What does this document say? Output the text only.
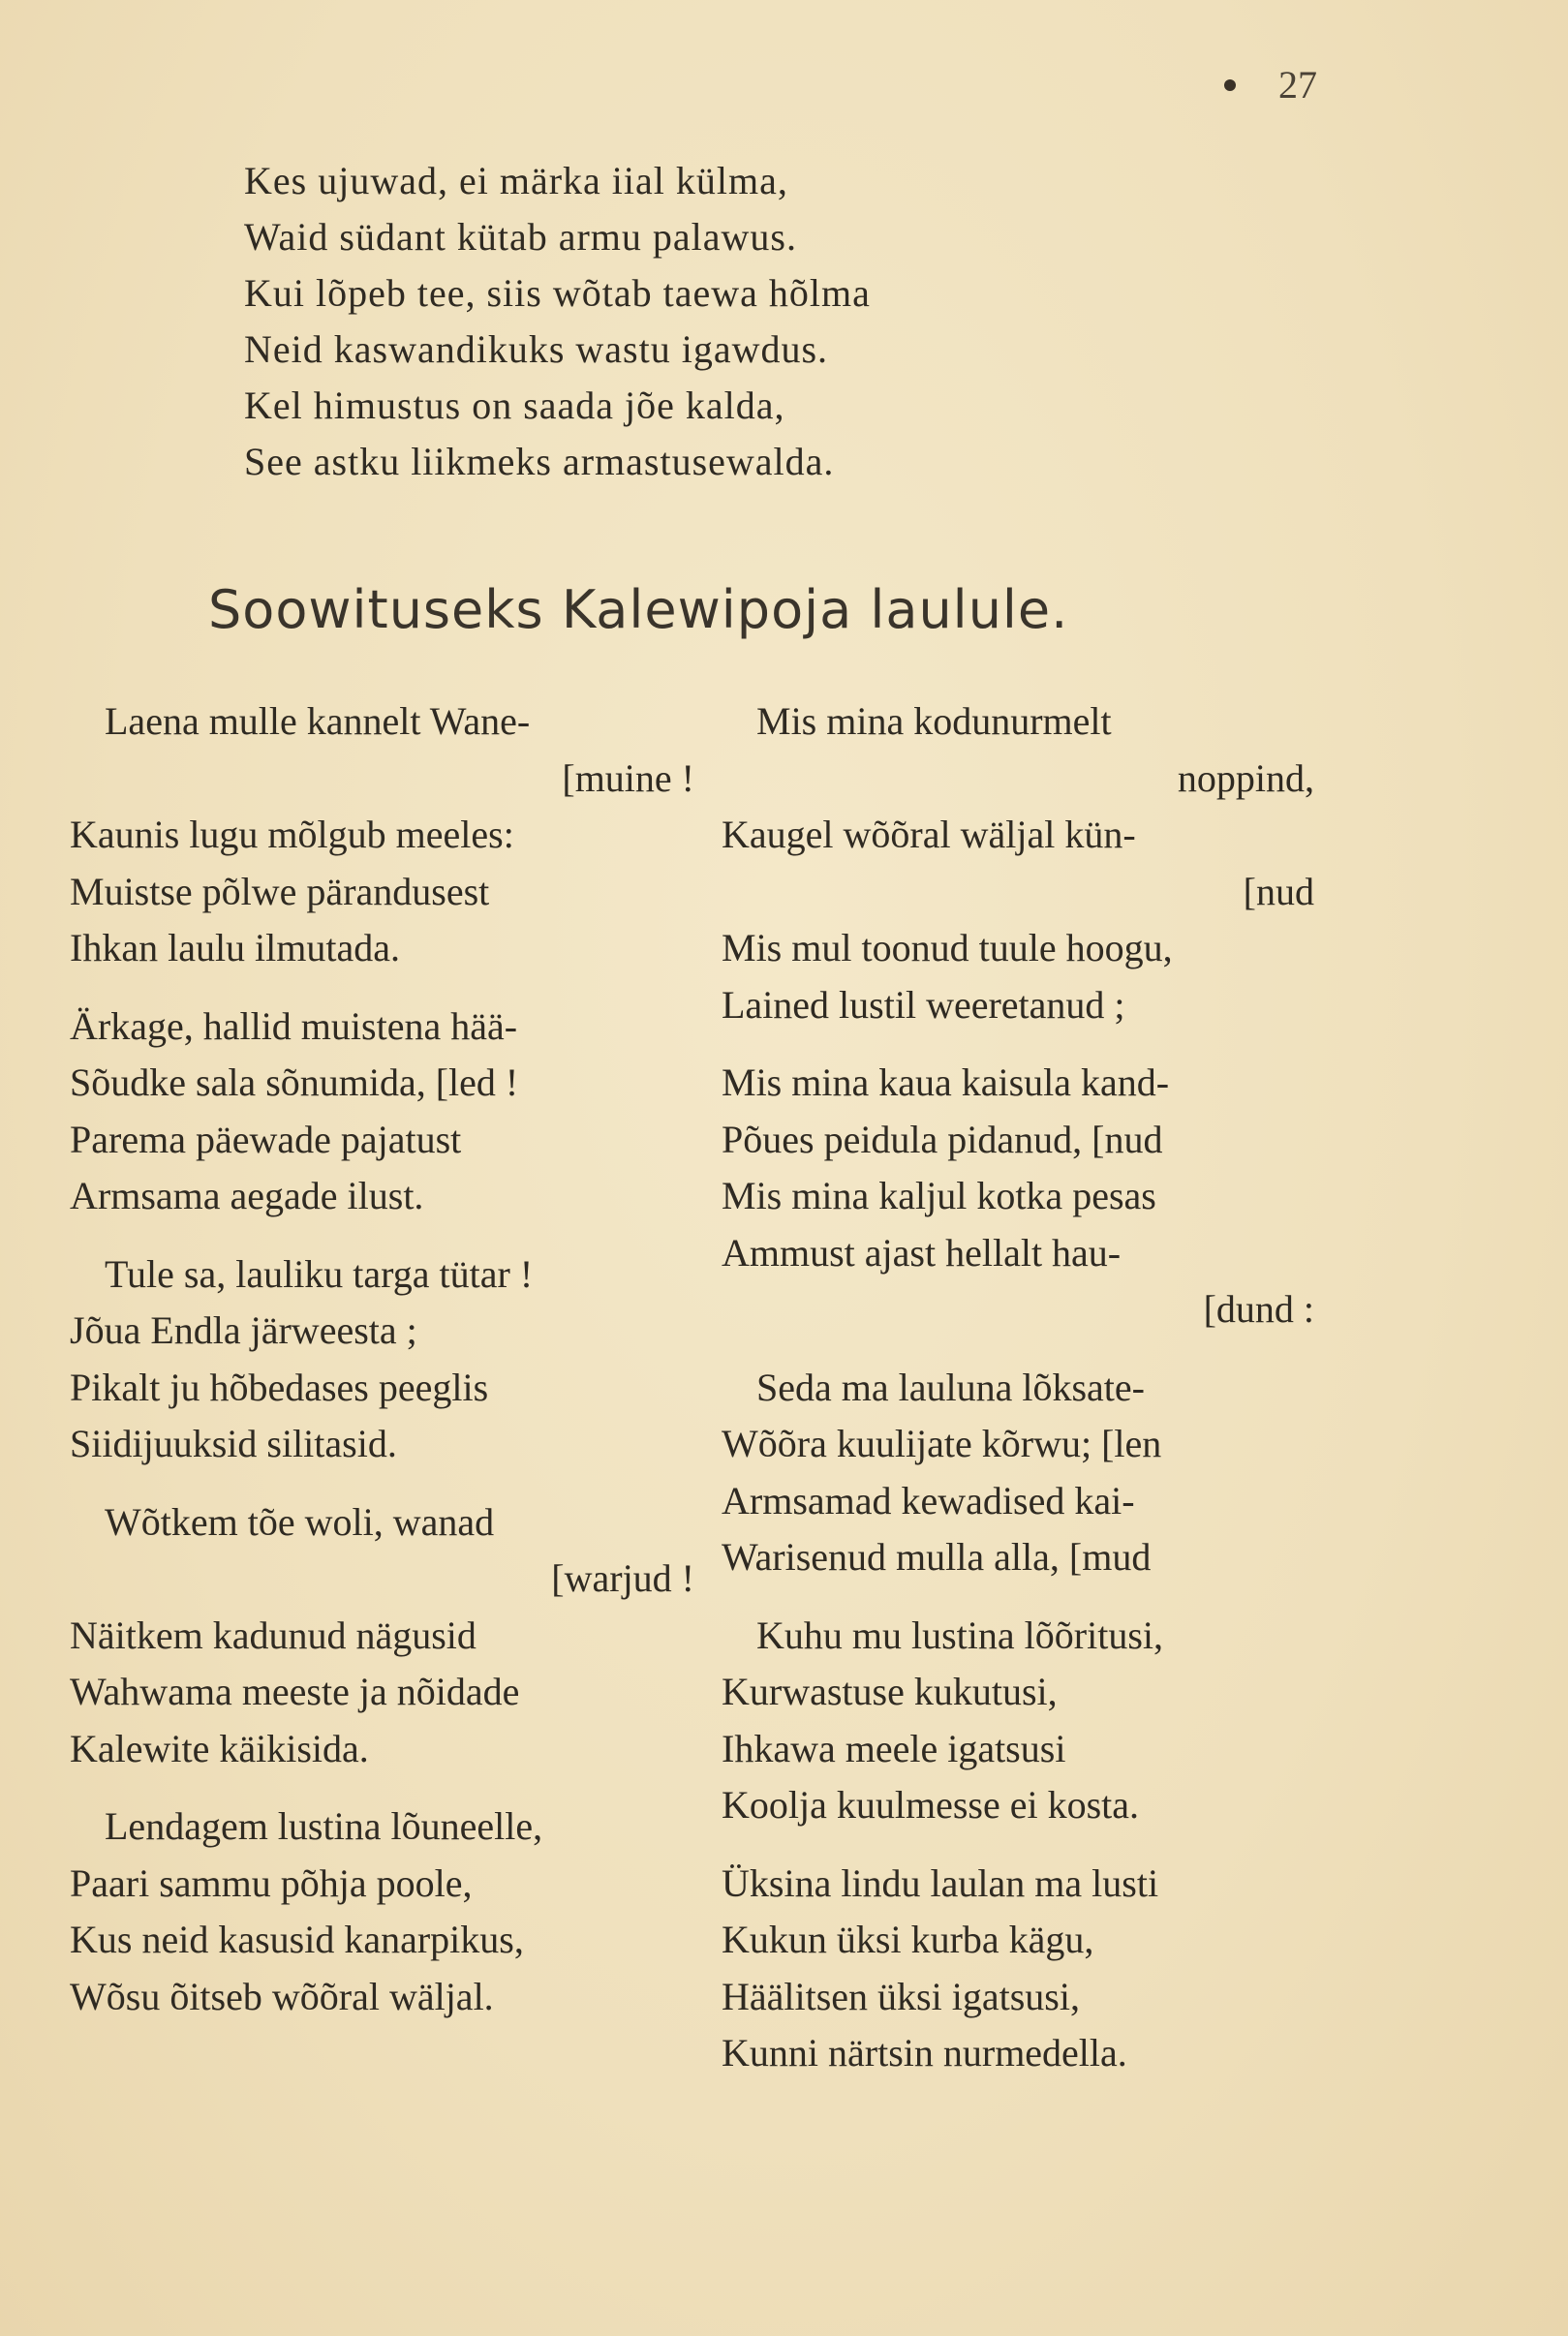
27
Kes ujuwad, ei märka iial külma,
Waid südant kütab armu palawus.
Kui lõpeb tee, siis wõtab taewa hõlma
Neid kaswandikuks wastu igawdus.
Kel himustus on saada jõe kalda,
See astku liikmeks armastusewalda.
Soowituseks Kalewipoja laulule.
Laena mulle kannelt Wane-
[muine !
Kaunis lugu mõlgub meeles:
Muistse põlwe pärandusest
Ihkan laulu ilmutada.
Ärkage, hallid muistena hää-
Sõudke sala sõnumida, [led !
Parema päewade pajatust
Armsama aegade ilust.
Tule sa, lauliku targa tütar !
Jõua Endla järweesta ;
Pikalt ju hõbedases peeglis
Siidijuuksid silitasid.
Wõtkem tõe woli, wanad
[warjud !
Näitkem kadunud nägusid
Wahwama meeste ja nõidade
Kalewite käikisida.
Lendagem lustina lõuneelle,
Paari sammu põhja poole,
Kus neid kasusid kanarpikus,
Wõsu õitseb wõõral wäljal.
Mis mina kodunurmelt
noppind,
Kaugel wõõral wäljal kün-
[nud
Mis mul toonud tuule hoogu,
Lained lustil weeretanud ;
Mis mina kaua kaisula kand-
Põues peidula pidanud, [nud
Mis mina kaljul kotka pesas
Ammust ajast hellalt hau-
[dund :
Seda ma lauluna lõksate-
Wõõra kuulijate kõrwu; [len
Armsamad kewadised kai-
Warisenud mulla alla, [mud
Kuhu mu lustina lõõritusi,
Kurwastuse kukutusi,
Ihkawa meele igatsusi
Koolja kuulmesse ei kosta.
Üksina lindu laulan ma lusti
Kukun üksi kurba kägu,
Häälitsen üksi igatsusi,
Kunni närtsin nurmedella.
